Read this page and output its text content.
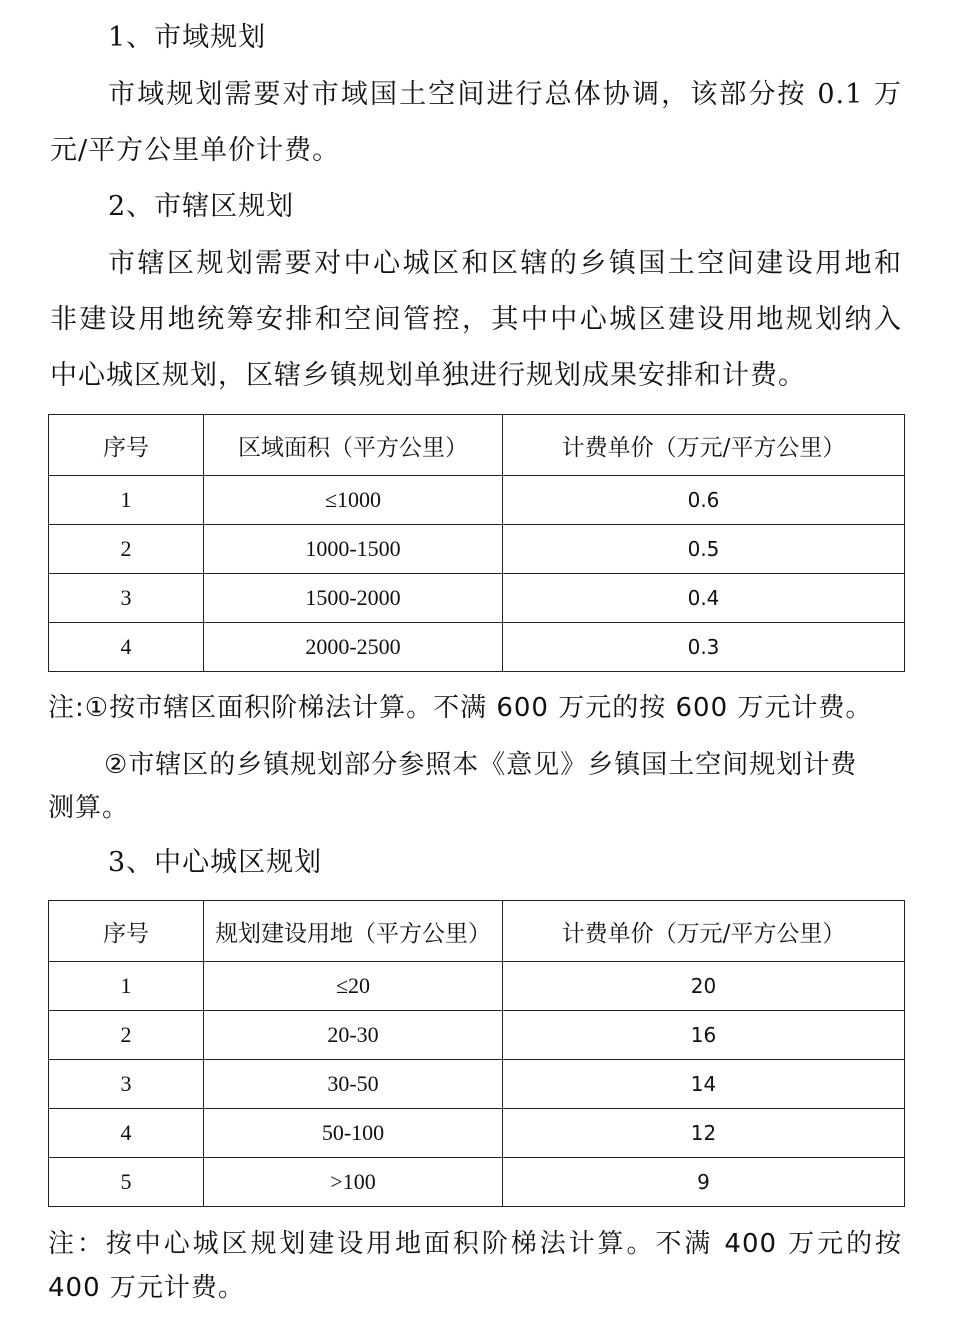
1、市域规划
市域规划需要对市域国土空间进行总体协调，该部分按 0.1 万
元/平方公里单价计费。
2、市辖区规划
市辖区规划需要对中心城区和区辖的乡镇国土空间建设用地和
非建设用地统筹安排和空间管控，其中中心城区建设用地规划纳入
中心城区规划，区辖乡镇规划单独进行规划成果安排和计费。
序号	区域面积（平方公里）	计费单价（万元/平方公里）
1	≤1000	0.6
2	1000-1500	0.5
3	1500-2000	0.4
4	2000-2500	0.3
注:①按市辖区面积阶梯法计算。不满 600 万元的按 600 万元计费。
②市辖区的乡镇规划部分参照本《意见》乡镇国土空间规划计费
测算。
3、中心城区规划
序号	规划建设用地（平方公里）	计费单价（万元/平方公里）
1	≤20	20
2	20-30	16
3	30-50	14
4	50-100	12
5	>100	9
注：按中心城区规划建设用地面积阶梯法计算。不满 400 万元的按
400 万元计费。
